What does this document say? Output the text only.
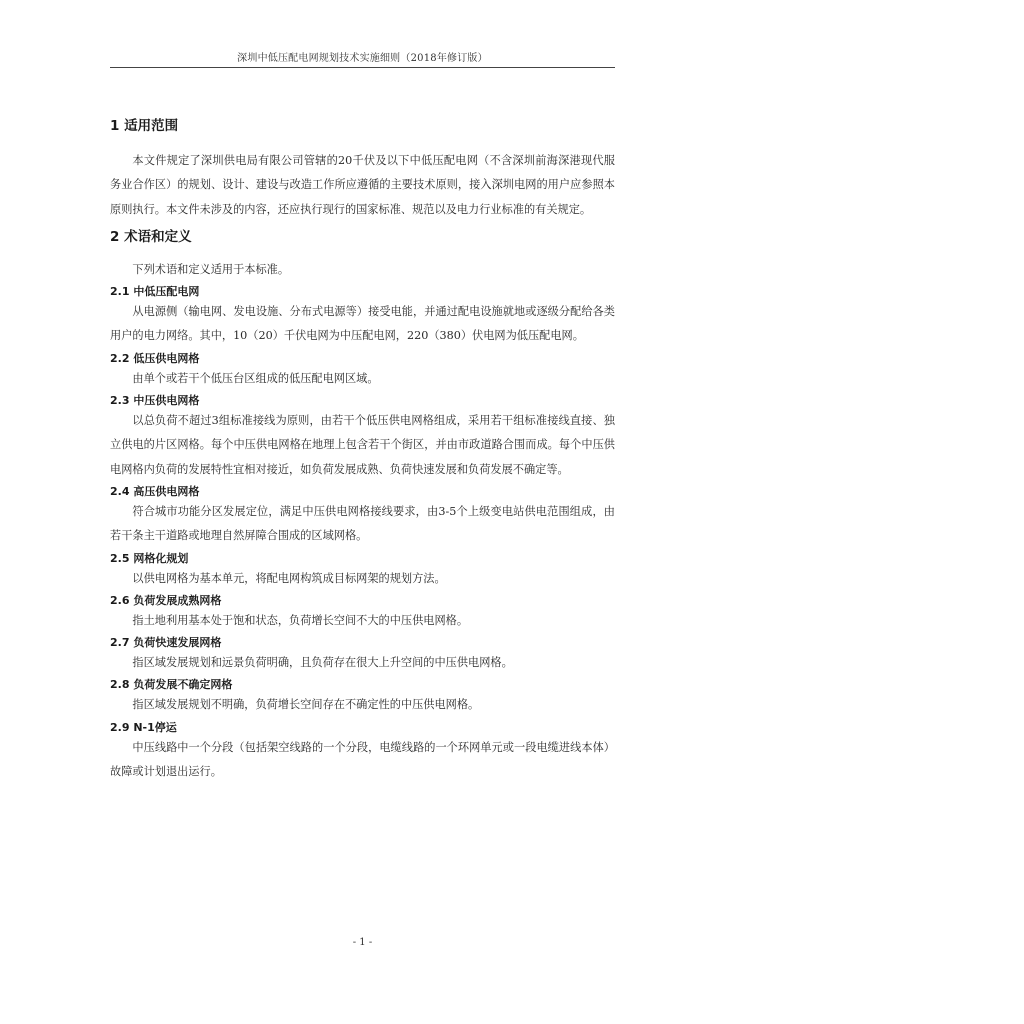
深圳中低压配电网规划技术实施细则（2018年修订版）
1 适用范围

本文件规定了深圳供电局有限公司管辖的20千伏及以下中低压配电网（不含深圳前海深港现代服务业合作区）的规划、设计、建设与改造工作所应遵循的主要技术原则，接入深圳电网的用户应参照本原则执行。本文件未涉及的内容，还应执行现行的国家标准、规范以及电力行业标准的有关规定。

2 术语和定义

下列术语和定义适用于本标准。

2.1 中低压配电网

从电源侧（输电网、发电设施、分布式电源等）接受电能，并通过配电设施就地或逐级分配给各类用户的电力网络。其中，10（20）千伏电网为中压配电网，220（380）伏电网为低压配电网。

2.2 低压供电网格

由单个或若干个低压台区组成的低压配电网区域。

2.3 中压供电网格

以总负荷不超过3组标准接线为原则，由若干个低压供电网格组成，采用若干组标准接线直接、独立供电的片区网格。每个中压供电网格在地理上包含若干个街区，并由市政道路合围而成。每个中压供电网格内负荷的发展特性宜相对接近，如负荷发展成熟、负荷快速发展和负荷发展不确定等。

2.4 高压供电网格

符合城市功能分区发展定位，满足中压供电网格接线要求，由3-5个上级变电站供电范围组成，由若干条主干道路或地理自然屏障合围成的区域网格。

2.5 网格化规划

以供电网格为基本单元，将配电网构筑成目标网架的规划方法。

2.6 负荷发展成熟网格

指土地利用基本处于饱和状态，负荷增长空间不大的中压供电网格。

2.7 负荷快速发展网格

指区域发展规划和远景负荷明确，且负荷存在很大上升空间的中压供电网格。

2.8 负荷发展不确定网格

指区域发展规划不明确，负荷增长空间存在不确定性的中压供电网格。

2.9 N-1停运

中压线路中一个分段（包括架空线路的一个分段，电缆线路的一个环网单元或一段电缆进线本体）故障或计划退出运行。

- 1 -
